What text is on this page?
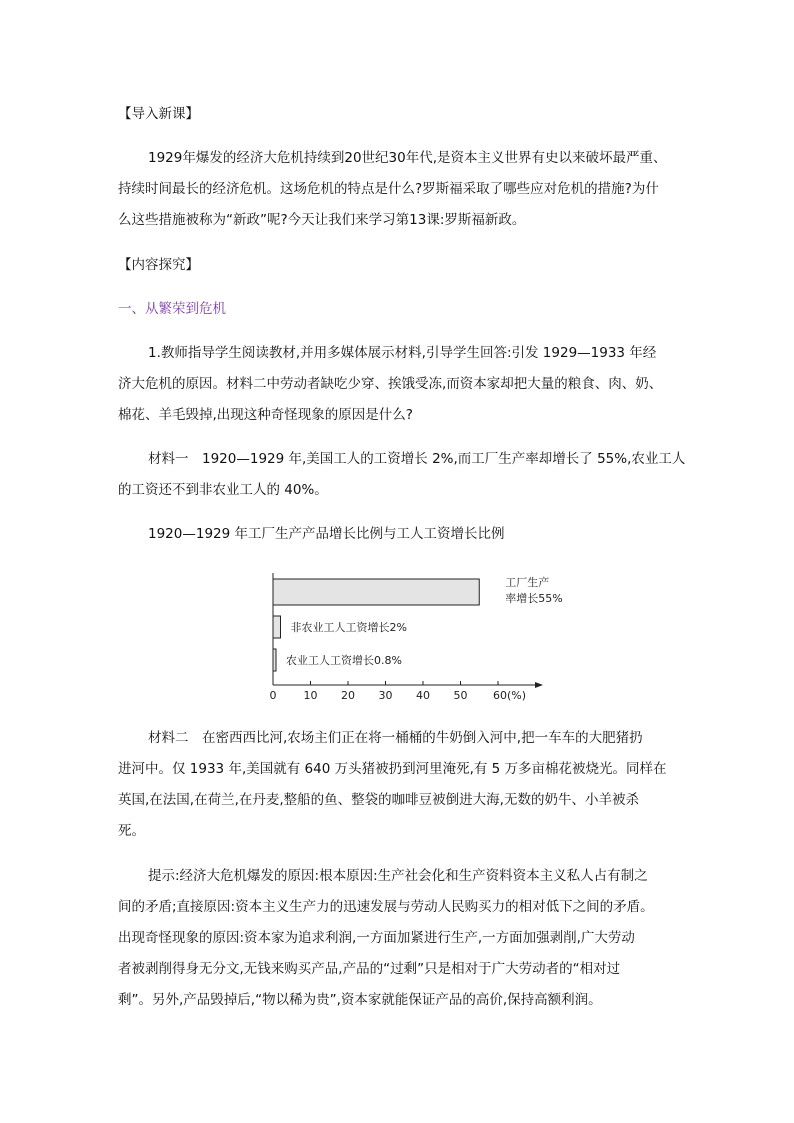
【导入新课】
1929年爆发的经济大危机持续到20世纪30年代,是资本主义世界有史以来破坏最严重、
持续时间最长的经济危机。这场危机的特点是什么?罗斯福采取了哪些应对危机的措施?为什
么这些措施被称为“新政”呢?今天让我们来学习第13课:罗斯福新政。
【内容探究】
一、从繁荣到危机
1.教师指导学生阅读教材,并用多媒体展示材料,引导学生回答:引发 1929—1933 年经
济大危机的原因。材料二中劳动者缺吃少穿、挨饿受冻,而资本家却把大量的粮食、肉、奶、
棉花、羊毛毁掉,出现这种奇怪现象的原因是什么?
材料一　1920—1929 年,美国工人的工资增长 2%,而工厂生产率却增长了 55%,农业工人
的工资还不到非农业工人的 40%。
1920—1929 年工厂生产产品增长比例与工人工资增长比例
工厂生产
率增长55%
非农业工人工资增长2%
农业工人工资增长0.8%
0 10 20 30 40 50 60(%)
材料二　在密西西比河,农场主们正在将一桶桶的牛奶倒入河中,把一车车的大肥猪扔
进河中。仅 1933 年,美国就有 640 万头猪被扔到河里淹死,有 5 万多亩棉花被烧光。同样在
英国,在法国,在荷兰,在丹麦,整船的鱼、整袋的咖啡豆被倒进大海,无数的奶牛、小羊被杀
死。
提示:经济大危机爆发的原因:根本原因:生产社会化和生产资料资本主义私人占有制之
间的矛盾;直接原因:资本主义生产力的迅速发展与劳动人民购买力的相对低下之间的矛盾。
出现奇怪现象的原因:资本家为追求利润,一方面加紧进行生产,一方面加强剥削,广大劳动
者被剥削得身无分文,无钱来购买产品,产品的“过剩”只是相对于广大劳动者的“相对过
剩”。另外,产品毁掉后,“物以稀为贵”,资本家就能保证产品的高价,保持高额利润。
